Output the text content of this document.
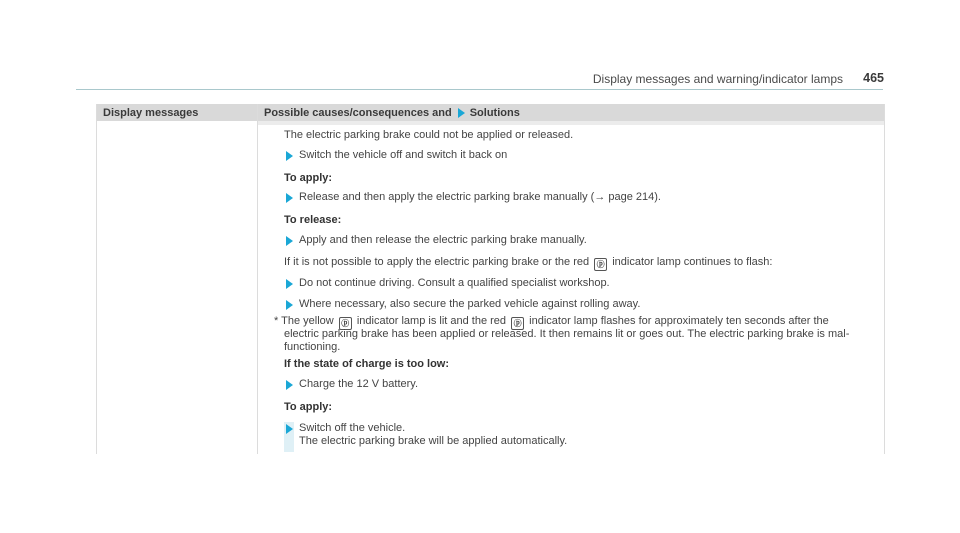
Display messages and warning/indicator lamps 465
Display messages	Possible causes/consequences and Solutions
The electric parking brake could not be applied or released.
Switch the vehicle off and switch it back on
To apply:
Release and then apply the electric parking brake manually (→ page 214).
To release:
Apply and then release the electric parking brake manually.
If it is not possible to apply the electric parking brake or the red ⓟ indicator lamp continues to flash:
Do not continue driving. Consult a qualified specialist workshop.
Where necessary, also secure the parked vehicle against rolling away.
* The yellow ⓟ indicator lamp is lit and the red ⓟ indicator lamp flashes for approximately ten seconds after the
electric parking brake has been applied or released. It then remains lit or goes out. The electric parking brake is mal-
functioning.
If the state of charge is too low:
Charge the 12 V battery.
To apply:
Switch off the vehicle.
The electric parking brake will be applied automatically.
